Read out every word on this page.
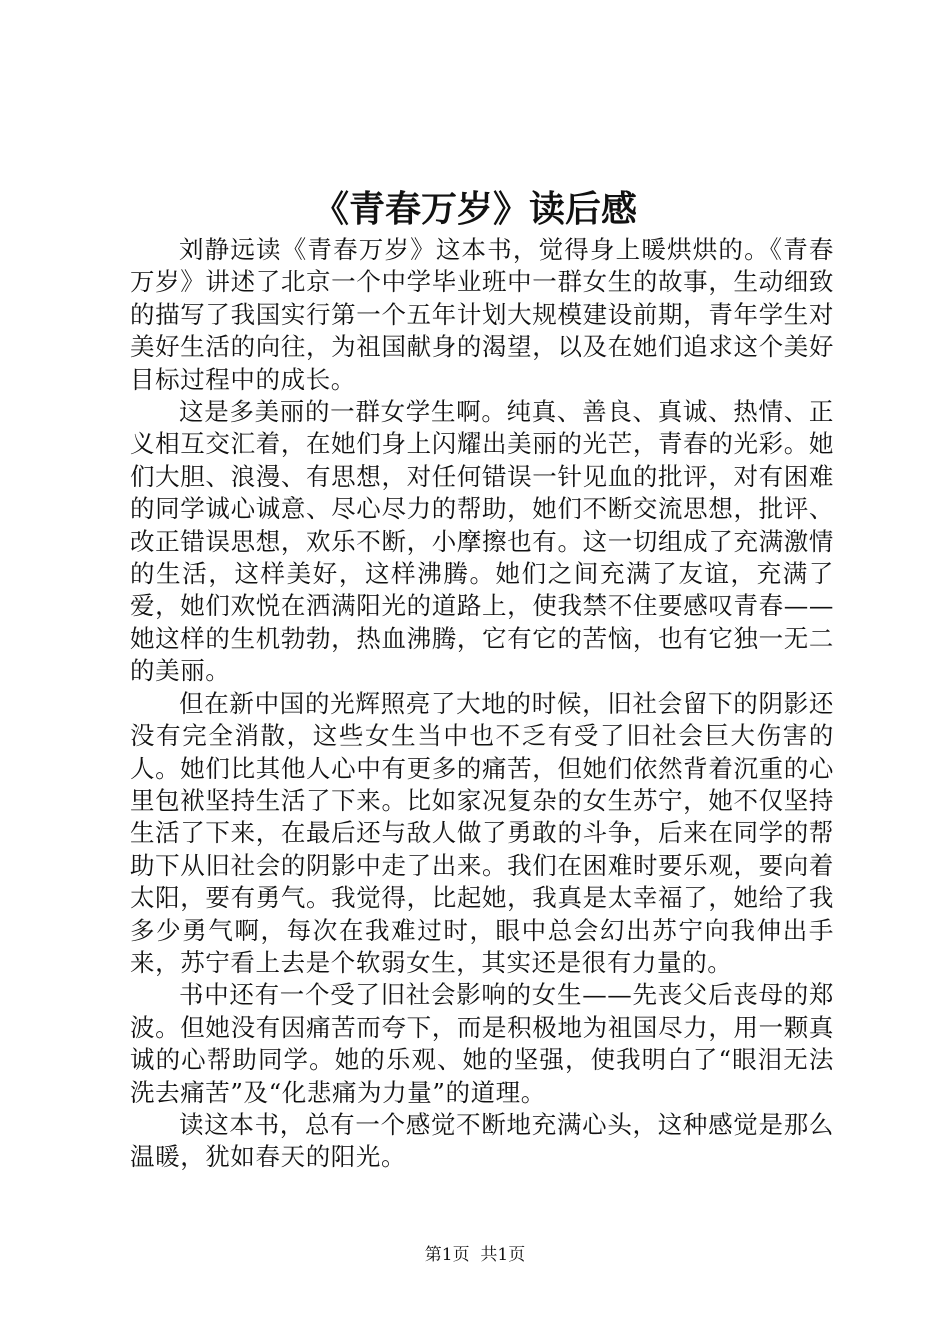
《青春万岁》读后感

刘静远读《青春万岁》这本书，觉得身上暖烘烘的。《青春万岁》讲述了北京一个中学毕业班中一群女生的故事，生动细致的描写了我国实行第一个五年计划大规模建设前期，青年学生对美好生活的向往，为祖国献身的渴望，以及在她们追求这个美好目标过程中的成长。

这是多美丽的一群女学生啊。纯真、善良、真诚、热情、正义相互交汇着，在她们身上闪耀出美丽的光芒，青春的光彩。她们大胆、浪漫、有思想，对任何错误一针见血的批评，对有困难的同学诚心诚意、尽心尽力的帮助，她们不断交流思想，批评、改正错误思想，欢乐不断，小摩擦也有。这一切组成了充满激情的生活，这样美好，这样沸腾。她们之间充满了友谊，充满了爱，她们欢悦在洒满阳光的道路上，使我禁不住要感叹青春——她这样的生机勃勃，热血沸腾，它有它的苦恼，也有它独一无二的美丽。

但在新中国的光辉照亮了大地的时候，旧社会留下的阴影还没有完全消散，这些女生当中也不乏有受了旧社会巨大伤害的人。她们比其他人心中有更多的痛苦，但她们依然背着沉重的心里包袱坚持生活了下来。比如家况复杂的女生苏宁，她不仅坚持生活了下来，在最后还与敌人做了勇敢的斗争，后来在同学的帮助下从旧社会的阴影中走了出来。我们在困难时要乐观，要向着太阳，要有勇气。我觉得，比起她，我真是太幸福了，她给了我多少勇气啊，每次在我难过时，眼中总会幻出苏宁向我伸出手来，苏宁看上去是个软弱女生，其实还是很有力量的。

书中还有一个受了旧社会影响的女生——先丧父后丧母的郑波。但她没有因痛苦而夸下，而是积极地为祖国尽力，用一颗真诚的心帮助同学。她的乐观、她的坚强，使我明白了“眼泪无法洗去痛苦”及“化悲痛为力量”的道理。

读这本书，总有一个感觉不断地充满心头，这种感觉是那么温暖，犹如春天的阳光。

第1页 共1页
